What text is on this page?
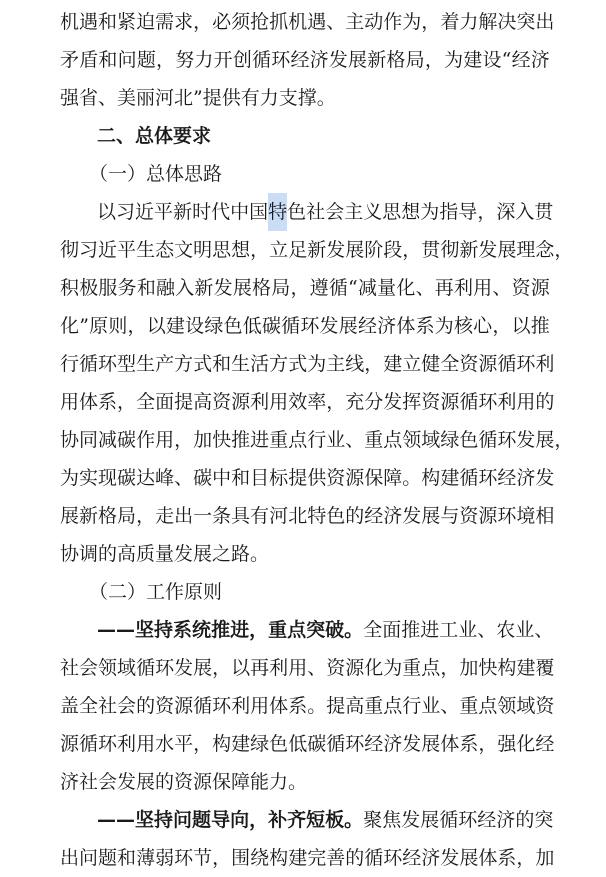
机 遇 和 紧 迫 需 求 ， 必 须 抢 抓 机 遇 、 主 动 作 为 ， 着 力 解 决 突 出
矛 盾 和 问 题 ， 努 力 开 创 循 环 经 济 发 展 新 格 局 ， 为 建 设 “ 经 济
强省、美丽河北”提供有力支撑。
二、总体要求
（一）总体思路
以 习 近 平 新 时 代 中 国 特 色 社 会 主 义 思 想 为 指 导 ， 深 入 贯
彻 习 近 平 生 态 文 明 思 想 ， 立 足 新 发 展 阶 段 ， 贯 彻 新 发 展 理 念 ，
积 极 服 务 和 融 入 新 发 展 格 局 ， 遵 循 “ 减 量 化 、 再 利 用 、 资 源
化 ” 原 则 ， 以 建 设 绿 色 低 碳 循 环 发 展 经 济 体 系 为 核 心 ， 以 推
行 循 环 型 生 产 方 式 和 生 活 方 式 为 主 线 ， 建 立 健 全 资 源 循 环 利
用 体 系 ， 全 面 提 高 资 源 利 用 效 率 ， 充 分 发 挥 资 源 循 环 利 用 的
协 同 减 碳 作 用 ， 加 快 推 进 重 点 行 业 、 重 点 领 域 绿 色 循 环 发 展 ，
为 实 现 碳 达 峰 、 碳 中 和 目 标 提 供 资 源 保 障 。 构 建 循 环 经 济 发
展 新 格 局 ， 走 出 一 条 具 有 河 北 特 色 的 经 济 发 展 与 资 源 环 境 相
协调的高质量发展之路。
（二）工作原则
— — 坚 持 系 统 推 进 ， 重 点 突 破 。 全 面 推 进 工 业 、 农 业 、
社 会 领 域 循 环 发 展 ， 以 再 利 用 、 资 源 化 为 重 点 ， 加 快 构 建 覆
盖 全 社 会 的 资 源 循 环 利 用 体 系 。 提 高 重 点 行 业 、 重 点 领 域 资
源 循 环 利 用 水 平 ， 构 建 绿 色 低 碳 循 环 经 济 发 展 体 系 ， 强 化 经
济社会发展的资源保障能力。
— — 坚 持 问 题 导 向 ， 补 齐 短 板 。 聚 焦 发 展 循 环 经 济 的 突
出 问 题 和 薄 弱 环 节 ， 围 绕 构 建 完 善 的 循 环 经 济 发 展 体 系 ， 加
